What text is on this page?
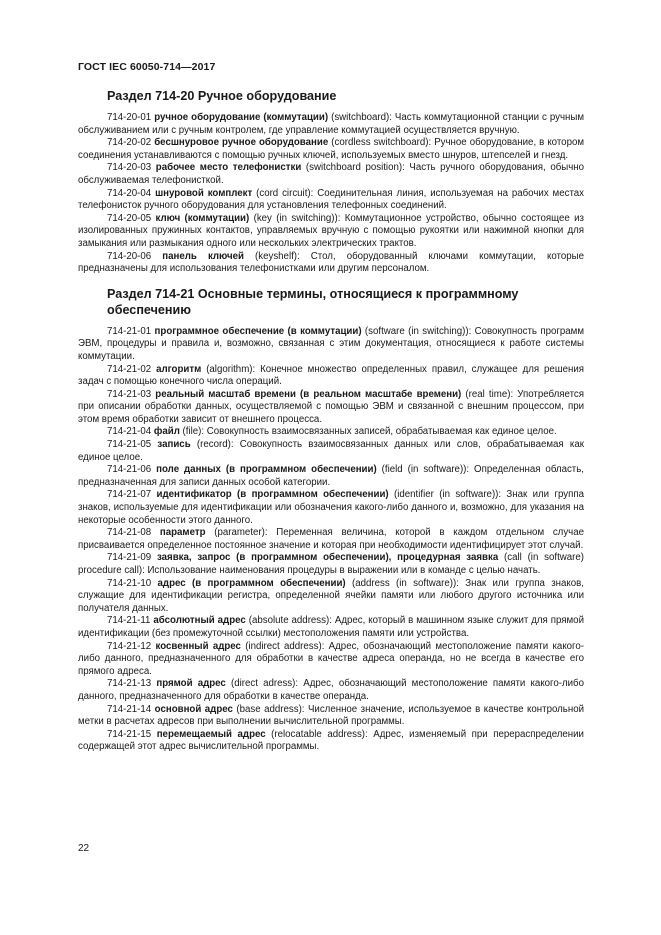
ГОСТ IEC 60050-714—2017
Раздел 714-20 Ручное оборудование

714-20-01 ручное оборудование (коммутации) (switchboard): Часть коммутационной станции с ручным обслуживанием или с ручным контролем, где управление коммутацией осуществляется вручную.

714-20-02 бесшнуровое ручное оборудование (cordless switchboard): Ручное оборудование, в котором соединения устанавливаются с помощью ручных ключей, используемых вместо шнуров, штепселей и гнезд.

714-20-03 рабочее место телефонистки (switchboard position): Часть ручного оборудования, обычно обслуживаемая телефонисткой.

714-20-04 шнуровой комплект (cord circuit): Соединительная линия, используемая на рабочих местах телефонисток ручного оборудования для установления телефонных соединений.

714-20-05 ключ (коммутации) (key (in switching)): Коммутационное устройство, обычно состоящее из изолированных пружинных контактов, управляемых вручную с помощью рукоятки или нажимной кнопки для замыкания или размыкания одного или нескольких электрических трактов.

714-20-06 панель ключей (keyshelf): Стол, оборудованный ключами коммутации, которые предназначены для использования телефонистками или другим персоналом.

Раздел 714-21 Основные термины, относящиеся к программному обеспечению

714-21-01 программное обеспечение (в коммутации) (software (in switching)): Совокупность программ ЭВМ, процедуры и правила и, возможно, связанная с этим документация, относящиеся к работе системы коммутации.

714-21-02 алгоритм (algorithm): Конечное множество определенных правил, служащее для решения задач с помощью конечного числа операций.

714-21-03 реальный масштаб времени (в реальном масштабе времени) (real time): Употребляется при описании обработки данных, осуществляемой с помощью ЭВМ и связанной с внешним процессом, при этом время обработки зависит от внешнего процесса.

714-21-04 файл (file): Совокупность взаимосвязанных записей, обрабатываемая как единое целое.

714-21-05 запись (record): Совокупность взаимосвязанных данных или слов, обрабатываемая как единое целое.

714-21-06 поле данных (в программном обеспечении) (field (in software)): Определенная область, предназначенная для записи данных особой категории.

714-21-07 идентификатор (в программном обеспечении) (identifier (in software)): Знак или группа знаков, используемые для идентификации или обозначения какого-либо данного и, возможно, для указания на некоторые особенности этого данного.

714-21-08 параметр (parameter): Переменная величина, которой в каждом отдельном случае присваивается определенное постоянное значение и которая при необходимости идентифицирует этот случай.

714-21-09 заявка, запрос (в программном обеспечении), процедурная заявка (call (in software) procedure call): Использование наименования процедуры в выражении или в команде с целью начать.

714-21-10 адрес (в программном обеспечении) (address (in software)): Знак или группа знаков, служащие для идентификации регистра, определенной ячейки памяти или любого другого источника или получателя данных.

714-21-11 абсолютный адрес (absolute address): Адрес, который в машинном языке служит для прямой идентификации (без промежуточной ссылки) местоположения памяти или устройства.

714-21-12 косвенный адрес (indirect address): Адрес, обозначающий местоположение памяти какого-либо данного, предназначенного для обработки в качестве адреса операнда, но не всегда в качестве его прямого адреса.

714-21-13 прямой адрес (direct adress): Адрес, обозначающий местоположение памяти какого-либо данного, предназначенного для обработки в качестве операнда.

714-21-14 основной адрес (base address): Численное значение, используемое в качестве контрольной метки в расчетах адресов при выполнении вычислительной программы.

714-21-15 перемещаемый адрес (relocatable address): Адрес, изменяемый при перераспределении содержащей этот адрес вычислительной программы.

22
